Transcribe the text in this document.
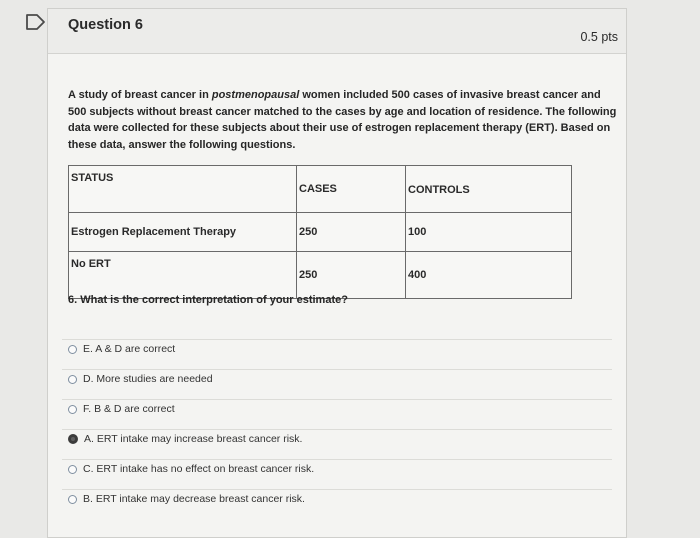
Question 6
0.5 pts
A study of breast cancer in postmenopausal women included 500 cases of invasive breast cancer and 500 subjects without breast cancer matched to the cases by age and location of residence. The following data were collected for these subjects about their use of estrogen replacement therapy (ERT). Based on these data, answer the following questions.
STATUS	CASES	CONTROLS
Estrogen Replacement Therapy	250	100
No ERT	250	400
6. What is the correct interpretation of your estimate?
E. A & D are correct
D. More studies are needed
F. B & D are correct
A. ERT intake may increase breast cancer risk.
C. ERT intake has no effect on breast cancer risk.
B. ERT intake may decrease breast cancer risk.
